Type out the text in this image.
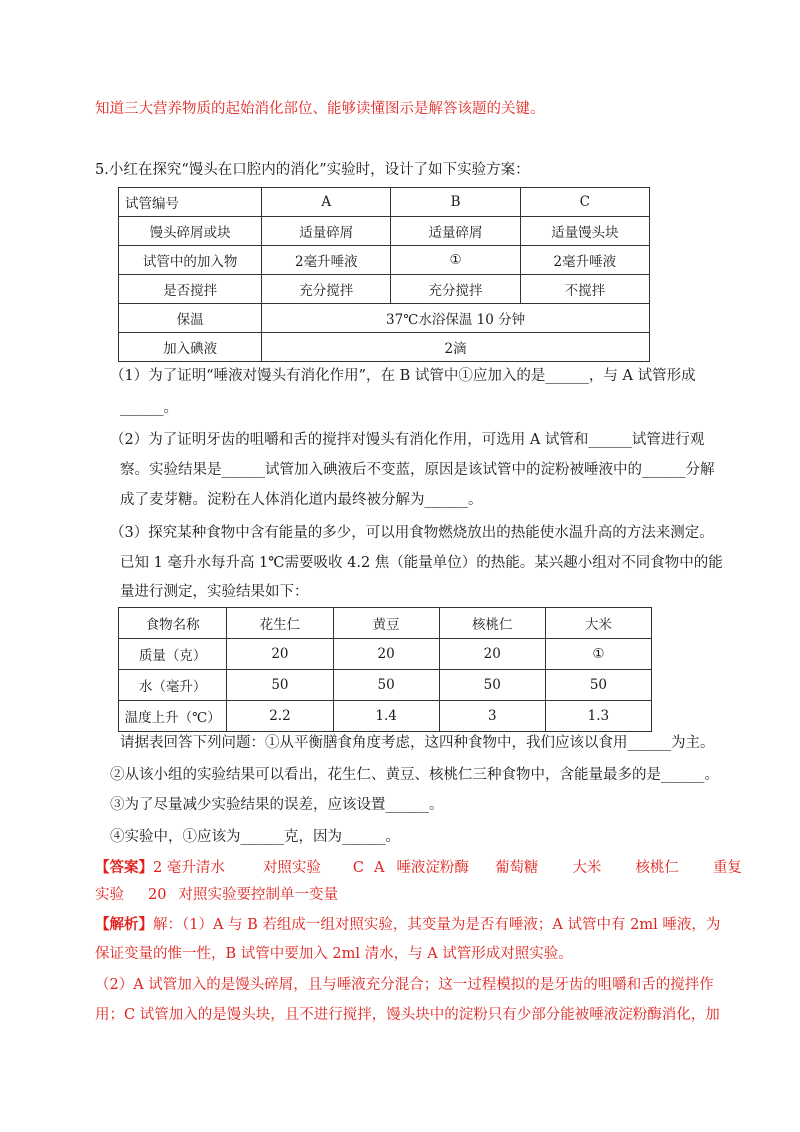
知道三大营养物质的起始消化部位、能够读懂图示是解答该题的关键。
5.小红在探究“馒头在口腔内的消化”实验时，设计了如下实验方案：
试管编号	A	B	C
馒头碎屑或块	适量碎屑	适量碎屑	适量馒头块
试管中的加入物	2毫升唾液	①	2毫升唾液
是否搅拌	充分搅拌	充分搅拌	不搅拌
保温	37℃水浴保温 10 分钟		
加入碘液	2滴		
（1）为了证明“唾液对馒头有消化作用”，在 B 试管中①应加入的是______，与 A 试管形成
______。
（2）为了证明牙齿的咀嚼和舌的搅拌对馒头有消化作用，可选用 A 试管和______试管进行观
察。实验结果是______试管加入碘液后不变蓝，原因是该试管中的淀粉被唾液中的______分解
成了麦芽糖。淀粉在人体消化道内最终被分解为______。
（3）探究某种食物中含有能量的多少，可以用食物燃烧放出的热能使水温升高的方法来测定。
已知 1 毫升水每升高 1℃需要吸收 4.2 焦（能量单位）的热能。某兴趣小组对不同食物中的能
量进行测定，实验结果如下：
食物名称	花生仁	黄豆	核桃仁	大米
质量（克）	20	20	20	①
水（毫升）	50	50	50	50
温度上升（℃）	2.2	1.4	3	1.3
请据表回答下列问题：①从平衡膳食角度考虑，这四种食物中，我们应该以食用______为主。
②从该小组的实验结果可以看出，花生仁、黄豆、核桃仁三种食物中，含能量最多的是______。
③为了尽量减少实验结果的误差，应该设置______。
④实验中，①应该为______克，因为______。
【答案】2 毫升清水	对照实验 C A 唾液淀粉酶 葡萄糖 大米 核桃仁 重复
实验 20 对照实验要控制单一变量
【解析】解：（1）A 与 B 若组成一组对照实验，其变量为是否有唾液；A 试管中有 2ml 唾液，为
保证变量的惟一性，B 试管中要加入 2ml 清水，与 A 试管形成对照实验。
（2）A 试管加入的是馒头碎屑，且与唾液充分混合；这一过程模拟的是牙齿的咀嚼和舌的搅拌作
用；C 试管加入的是馒头块，且不进行搅拌，馒头块中的淀粉只有少部分能被唾液淀粉酶消化，加
